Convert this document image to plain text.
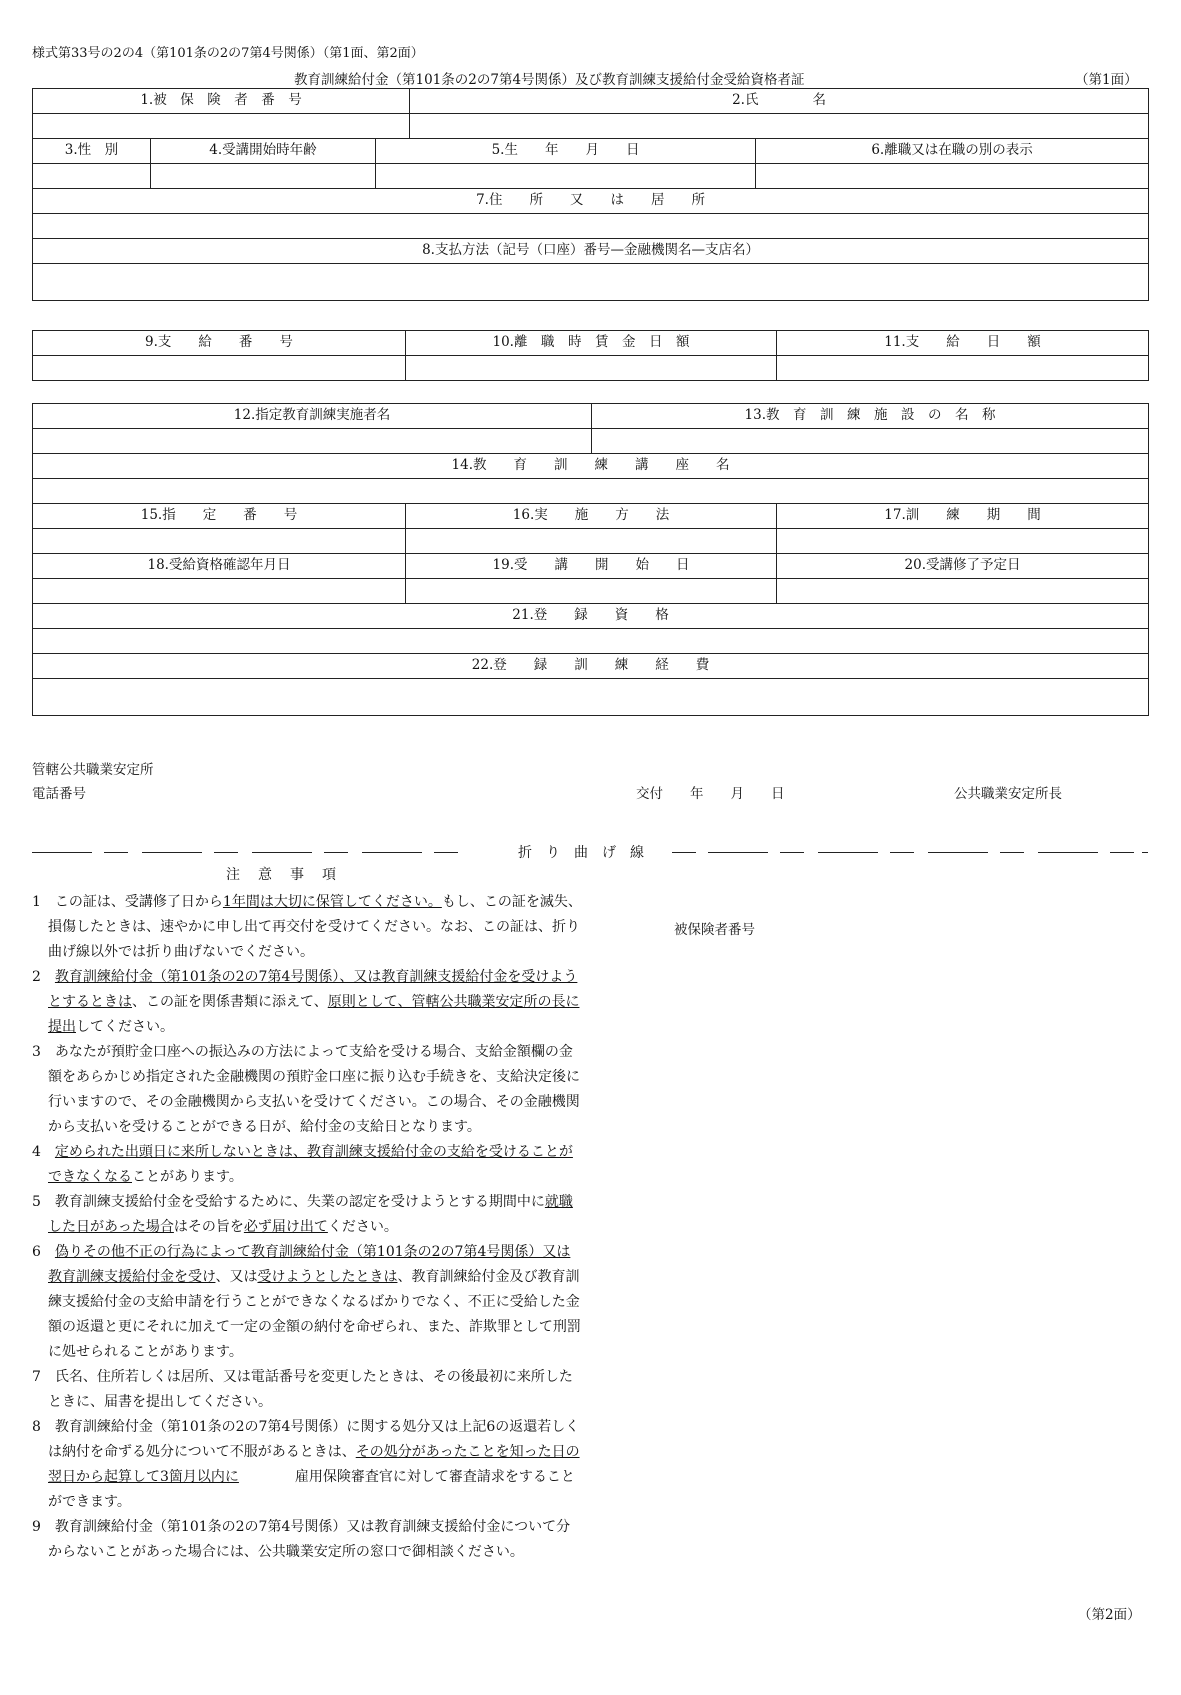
様式第33号の2の4（第101条の2の7第4号関係）（第1面、第2面）
教育訓練給付金（第101条の2の7第4号関係）及び教育訓練支援給付金受給資格者証	（第1面）
1.被　保　険　者　番　号			2.氏　　　　名	

3.性　別	4.受講開始時年齢	5.生　　年　　月　　日		6.離職又は在職の別の表示

7.住　　所　　又　　は　　居　　所				

8.支払方法（記号（口座）番号—金融機関名—支店名）				

9.支　　給　　番　　号	10.離　職　時　賃　金　日　額	11.支　　給　　日　　額

12.指定教育訓練実施者名		13.教　育　訓　練　施　設　の　名　称	

14.教　　育　　訓　　練　　講　　座　　名			

15.指　　定　　番　　号	16.実　　施　　方　　法		17.訓　　練　　期　　間

18.受給資格確認年月日	19.受　　講　　開　　始　　日		20.受講修了予定日

21.登　　録　　資　　格			

22.登　　録　　訓　　練　　経　　費			

管轄公共職業安定所
電話番号	交付　　年　　月　　日	公共職業安定所長
折　り　曲　げ　線
注　意　事　項

1　この証は、受講修了日から1年間は大切に保管してください。もし、この証を滅失、損傷したときは、速やかに申し出て再交付を受けてください。なお、この証は、折り曲げ線以外では折り曲げないでください。

2　教育訓練給付金（第101条の2の7第4号関係）、又は教育訓練支援給付金を受けようとするときは、この証を関係書類に添えて、原則として、管轄公共職業安定所の長に提出してください。

3　あなたが預貯金口座への振込みの方法によって支給を受ける場合、支給金額欄の金額をあらかじめ指定された金融機関の預貯金口座に振り込む手続きを、支給決定後に行いますので、その金融機関から支払いを受けてください。この場合、その金融機関から支払いを受けることができる日が、給付金の支給日となります。

4　定められた出頭日に来所しないときは、教育訓練支援給付金の支給を受けることができなくなることがあります。

5　教育訓練支援給付金を受給するために、失業の認定を受けようとする期間中に就職した日があった場合はその旨を必ず届け出てください。

6　偽りその他不正の行為によって教育訓練給付金（第101条の2の7第4号関係）又は教育訓練支援給付金を受け、又は受けようとしたときは、教育訓練給付金及び教育訓練支援給付金の支給申請を行うことができなくなるばかりでなく、不正に受給した金額の返還と更にそれに加えて一定の金額の納付を命ぜられ、また、詐欺罪として刑罰に処せられることがあります。

7　氏名、住所若しくは居所、又は電話番号を変更したときは、その後最初に来所したときに、届書を提出してください。

8　教育訓練給付金（第101条の2の7第4号関係）に関する処分又は上記6の返還若しくは納付を命ずる処分について不服があるときは、その処分があったことを知った日の翌日から起算して3箇月以内に　　　　雇用保険審査官に対して審査請求をすることができます。

9　教育訓練給付金（第101条の2の7第4号関係）又は教育訓練支援給付金について分からないことがあった場合には、公共職業安定所の窓口で御相談ください。

被保険者番号
（第2面）
